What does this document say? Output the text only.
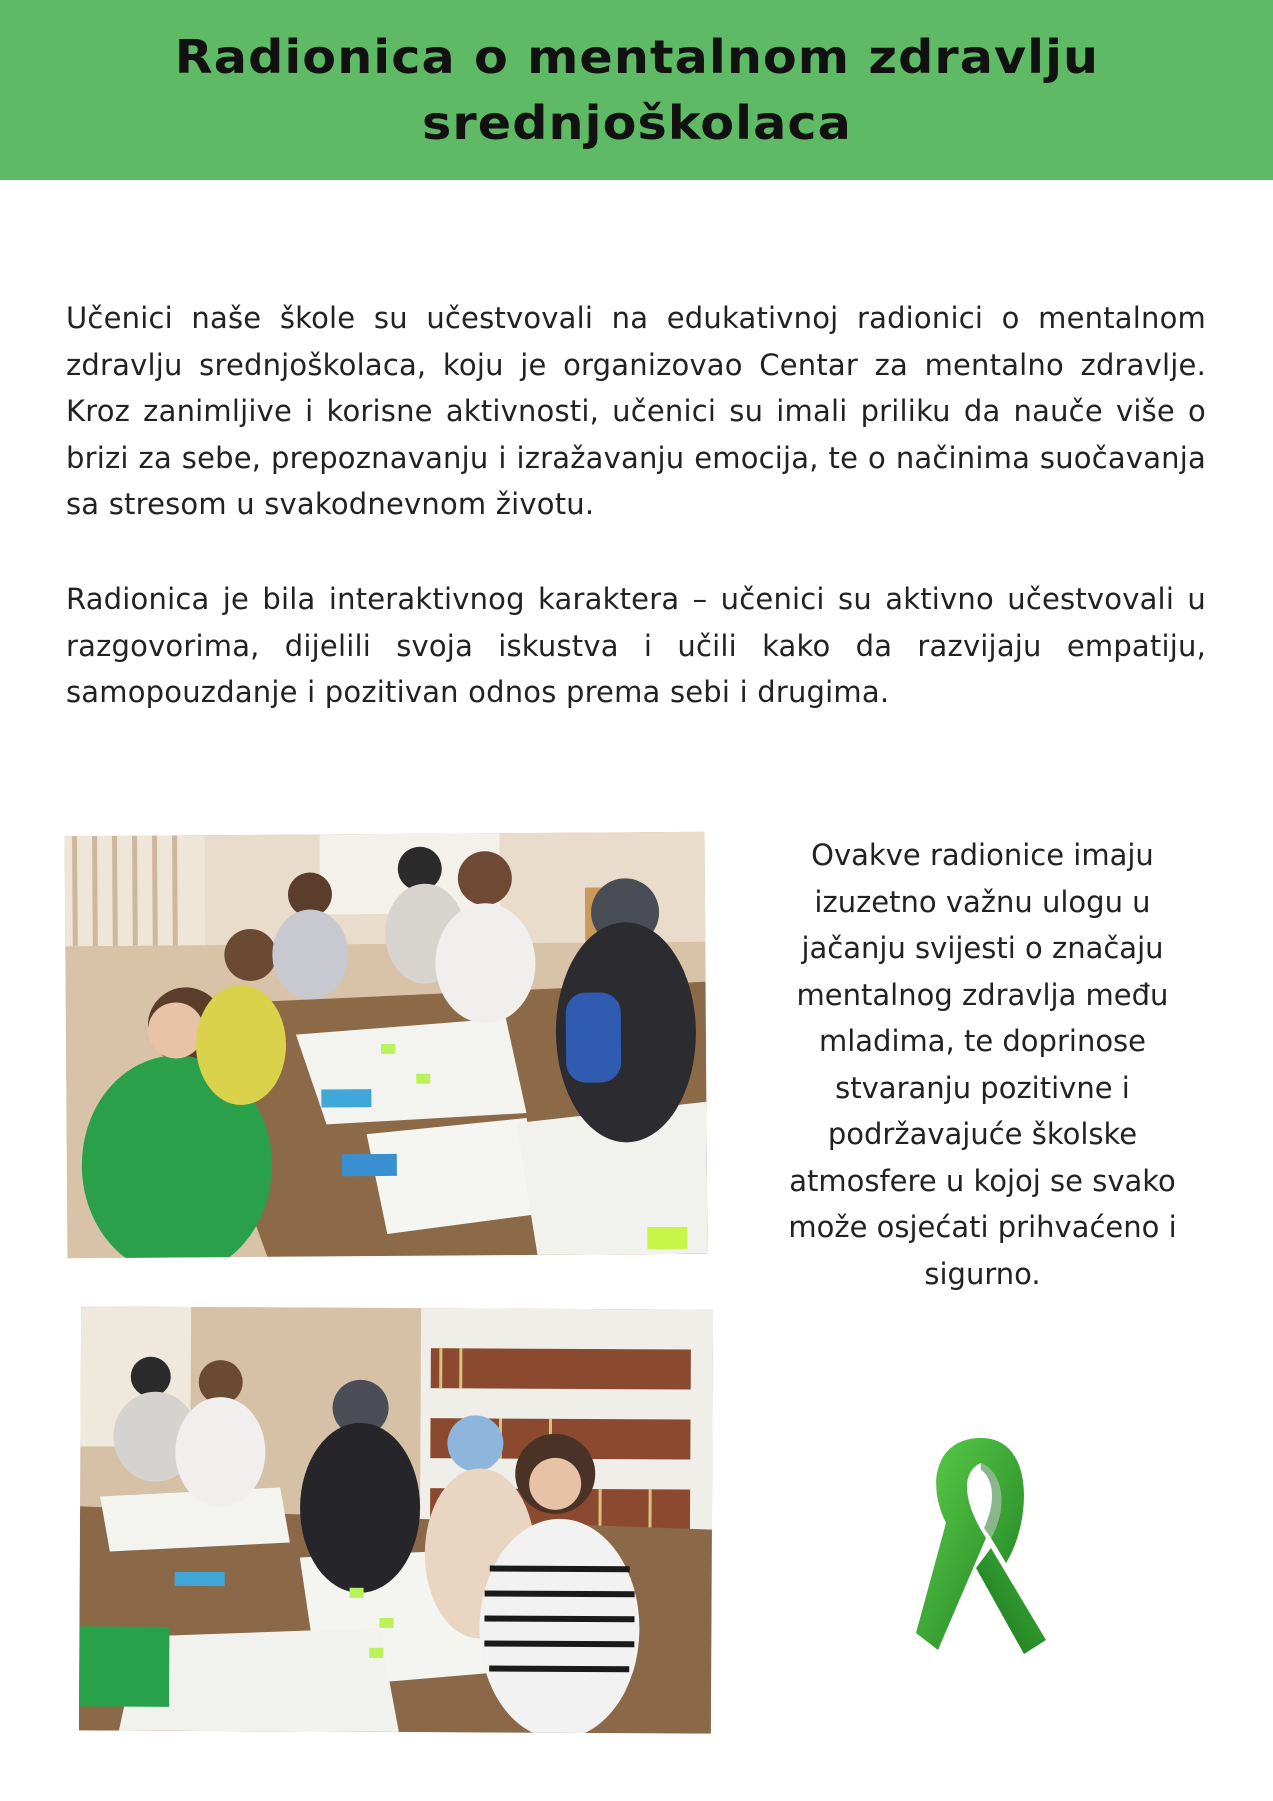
Radionica o mentalnom zdravlju srednjoškolaca

Učenici naše škole su učestvovali na edukativnoj radionici o mentalnom zdravlju srednjoškolaca, koju je organizovao Centar za mentalno zdravlje. Kroz zanimljive i korisne aktivnosti, učenici su imali priliku da nauče više o brizi za sebe, prepoznavanju i izražavanju emocija, te o načinima suočavanja sa stresom u svakodnevnom životu.

Radionica je bila interaktivnog karaktera – učenici su aktivno učestvovali u razgovorima, dijelili svoja iskustva i učili kako da razvijaju empatiju, samopouzdanje i pozitivan odnos prema sebi i drugima.

Ovakve radionice imaju izuzetno važnu ulogu u jačanju svijesti o značaju mentalnog zdravlja među mladima, te doprinose stvaranju pozitivne i podržavajuće školske atmosfere u kojoj se svako može osjećati prihvaćeno i sigurno.
